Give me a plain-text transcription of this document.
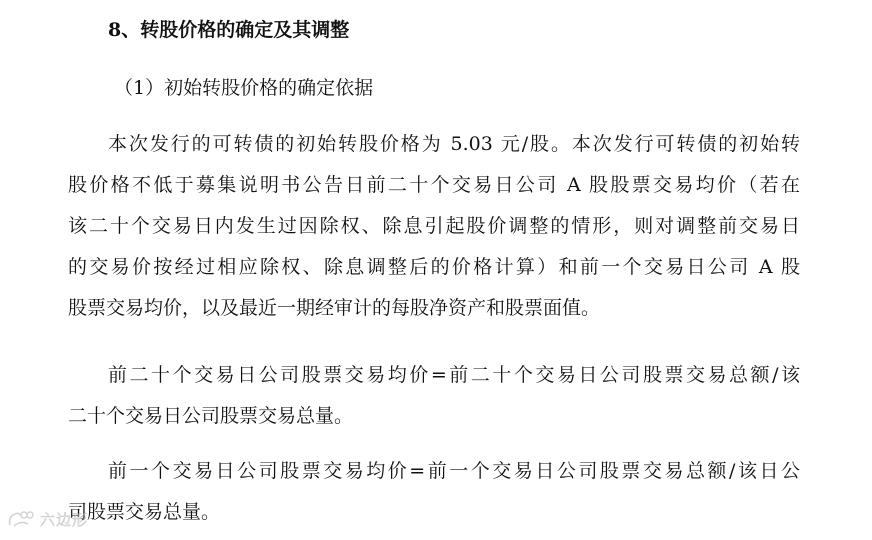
8、转股价格的确定及其调整
（1）初始转股价格的确定依据
本次发行的可转债的初始转股价格为 5.03 元/股。本次发行可转债的初始转
股价格不低于募集说明书公告日前二十个交易日公司 A 股股票交易均价（若在
该二十个交易日内发生过因除权、除息引起股价调整的情形，则对调整前交易日
的交易价按经过相应除权、除息调整后的价格计算）和前一个交易日公司 A 股
股票交易均价，以及最近一期经审计的每股净资产和股票面值。
前二十个交易日公司股票交易均价=前二十个交易日公司股票交易总额/该
二十个交易日公司股票交易总量。
前一个交易日公司股票交易均价=前一个交易日公司股票交易总额/该日公
司股票交易总量。
六边形
